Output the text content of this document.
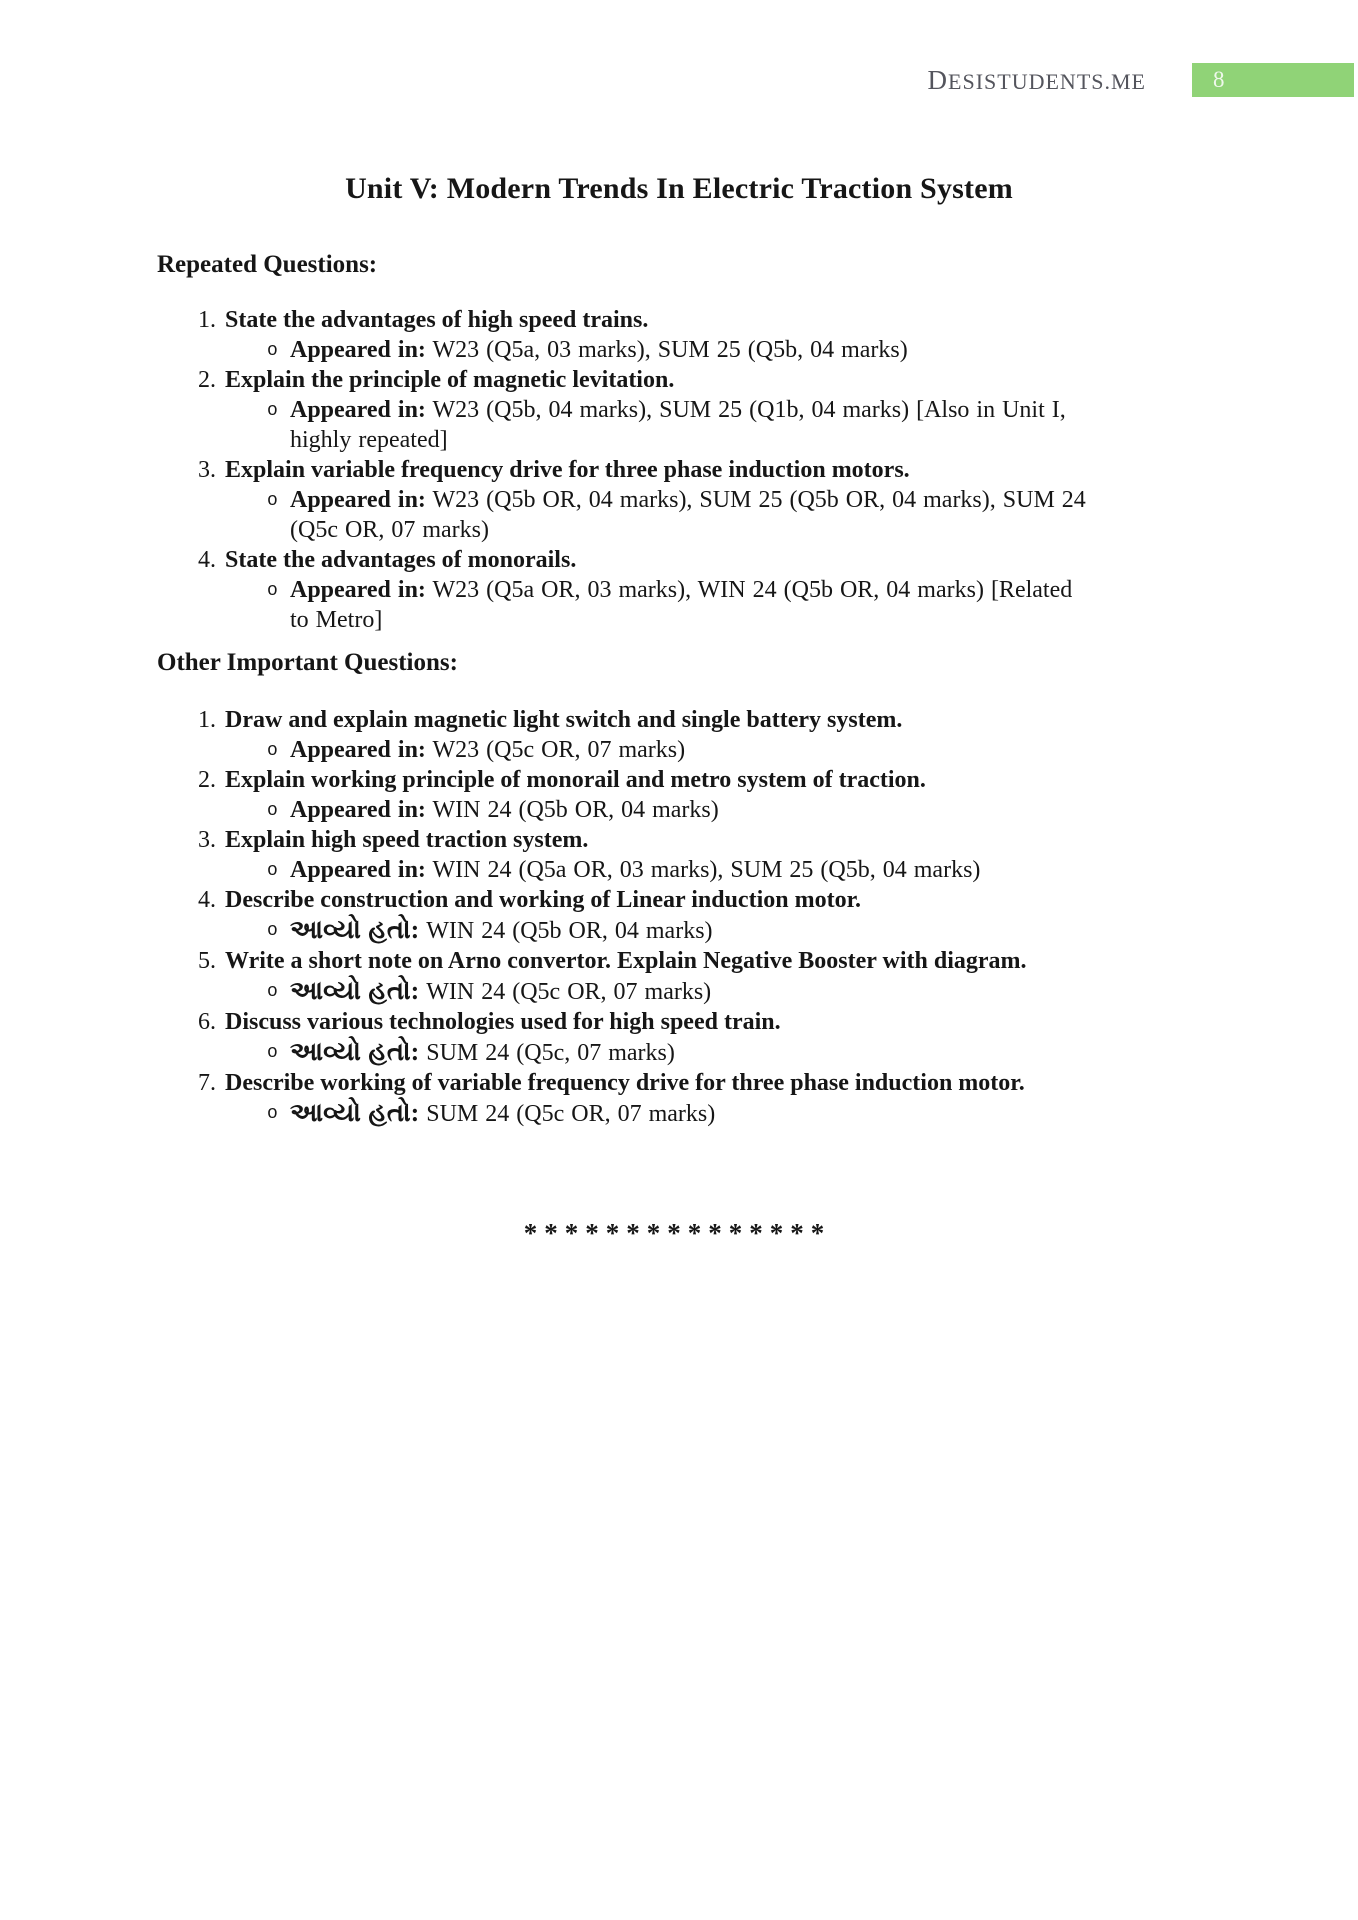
DESISTUDENTS.ME	8
Unit V: Modern Trends In Electric Traction System
Repeated Questions:
State the advantages of high speed trains.
o Appeared in: W23 (Q5a, 03 marks), SUM 25 (Q5b, 04 marks)
Explain the principle of magnetic levitation.
o Appeared in: W23 (Q5b, 04 marks), SUM 25 (Q1b, 04 marks) [Also in Unit I, highly repeated]
Explain variable frequency drive for three phase induction motors.
o Appeared in: W23 (Q5b OR, 04 marks), SUM 25 (Q5b OR, 04 marks), SUM 24 (Q5c OR, 07 marks)
State the advantages of monorails.
o Appeared in: W23 (Q5a OR, 03 marks), WIN 24 (Q5b OR, 04 marks) [Related to Metro]
Other Important Questions:
Draw and explain magnetic light switch and single battery system.
o Appeared in: W23 (Q5c OR, 07 marks)
Explain working principle of monorail and metro system of traction.
o Appeared in: WIN 24 (Q5b OR, 04 marks)
Explain high speed traction system.
o Appeared in: WIN 24 (Q5a OR, 03 marks), SUM 25 (Q5b, 04 marks)
Describe construction and working of Linear induction motor.
o આવ્યો હતો: WIN 24 (Q5b OR, 04 marks)
Write a short note on Arno convertor. Explain Negative Booster with diagram.
o આવ્યો હતો: WIN 24 (Q5c OR, 07 marks)
Discuss various technologies used for high speed train.
o આવ્યો હતો: SUM 24 (Q5c, 07 marks)
Describe working of variable frequency drive for three phase induction motor.
o આવ્યો હતો: SUM 24 (Q5c OR, 07 marks)
***************
